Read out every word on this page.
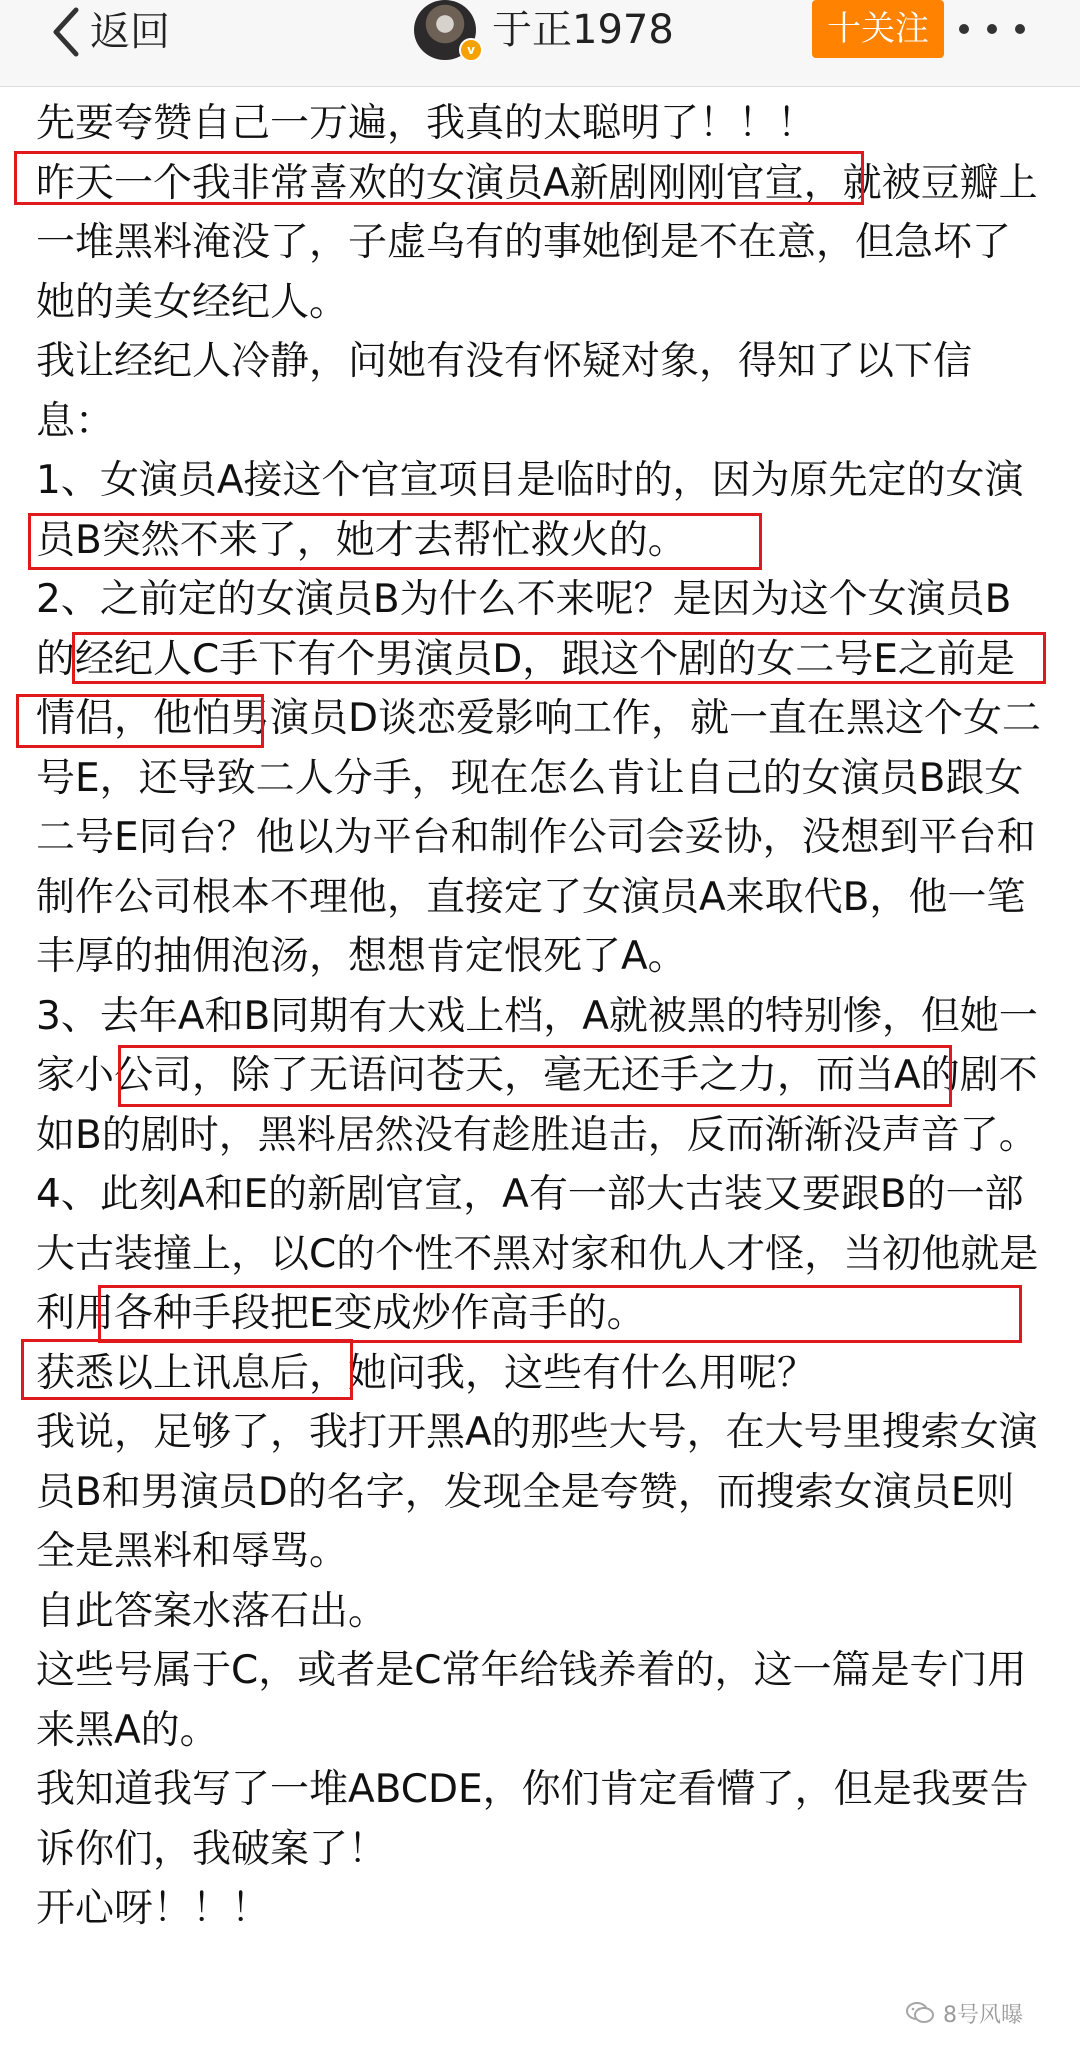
返回	v 于正1978	十关注

先要夸赞自己一万遍，我真的太聪明了！！！

昨天一个我非常喜欢的女演员A新剧刚刚官宣，就被豆瓣上一堆黑料淹没了，子虚乌有的事她倒是不在意，但急坏了她的美女经纪人。

我让经纪人冷静，问她有没有怀疑对象，得知了以下信息：

1、女演员A接这个官宣项目是临时的，因为原先定的女演员B突然不来了，她才去帮忙救火的。

2、之前定的女演员B为什么不来呢？是因为这个女演员B的经纪人C手下有个男演员D，跟这个剧的女二号E之前是情侣，他怕男演员D谈恋爱影响工作，就一直在黑这个女二号E，还导致二人分手，现在怎么肯让自己的女演员B跟女二号E同台？他以为平台和制作公司会妥协，没想到平台和制作公司根本不理他，直接定了女演员A来取代B，他一笔丰厚的抽佣泡汤，想想肯定恨死了A。

3、去年A和B同期有大戏上档，A就被黑的特别惨，但她一家小公司，除了无语问苍天，毫无还手之力，而当A的剧不如B的剧时，黑料居然没有趁胜追击，反而渐渐没声音了。

4、此刻A和E的新剧官宣，A有一部大古装又要跟B的一部大古装撞上，以C的个性不黑对家和仇人才怪，当初他就是利用各种手段把E变成炒作高手的。

获悉以上讯息后，她问我，这些有什么用呢？

我说，足够了，我打开黑A的那些大号，在大号里搜索女演员B和男演员D的名字，发现全是夸赞，而搜索女演员E则全是黑料和辱骂。

自此答案水落石出。

这些号属于C，或者是C常年给钱养着的，这一篇是专门用来黑A的。

我知道我写了一堆ABCDE，你们肯定看懵了，但是我要告诉你们，我破案了！

开心呀！！！

8号风曝
